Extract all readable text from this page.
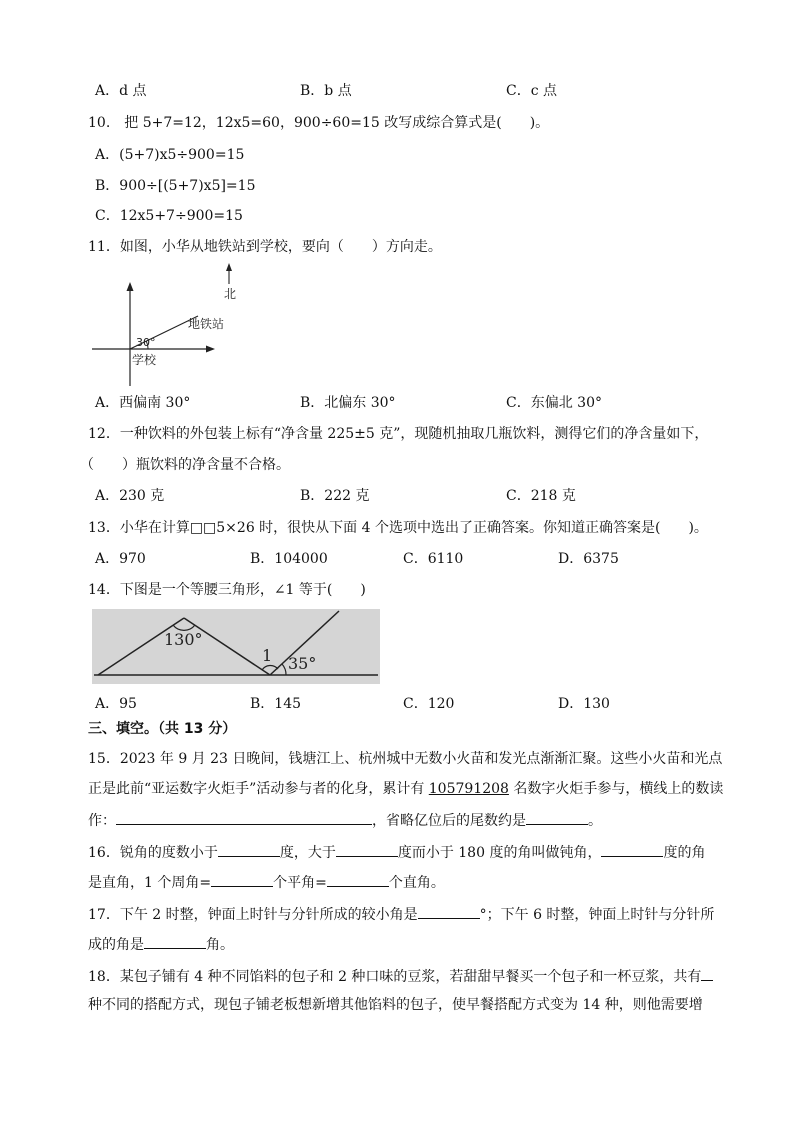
A．d 点	B．b 点	C．c 点
10.　把 5+7=12，12x5=60，900÷60=15 改写成综合算式是(　　)。
A．(5+7)x5÷900=15
B．900÷[(5+7)x5]=15
C．12x5+7÷900=15
11．如图，小华从地铁站到学校，要向（　　）方向走。
北
地铁站
30°
学校
A．西偏南 30°	B．北偏东 30°	C．东偏北 30°
12．一种饮料的外包装上标有“净含量 225±5 克”，现随机抽取几瓶饮料，测得它们的净含量如下，
（　　）瓶饮料的净含量不合格。
A．230 克	B．222 克	C．218 克
13．小华在计算□□5×26 时，很快从下面 4 个选项中选出了正确答案。你知道正确答案是(　　)。
A．970	B．104000	C．6110	D．6375
14．下图是一个等腰三角形，∠1 等于(　　)
130°
1 35°
A．95	B．145	C．120	D．130
三、填空。（共 13 分）
15．2023 年 9 月 23 日晚间，钱塘江上、杭州城中无数小火苗和发光点渐渐汇聚。这些小火苗和光点
正是此前“亚运数字火炬手”活动参与者的化身，累计有 105791208 名数字火炬手参与，横线上的数读
作：	，省略亿位后的尾数约是	。
16．锐角的度数小于	度，大于	度而小于 180 度的角叫做钝角，	度的角
是直角，1 个周角=	个平角=	个直角。
17．下午 2 时整，钟面上时针与分针所成的较小角是	°；下午 6 时整，钟面上时针与分针所
成的角是	角。
18．某包子铺有 4 种不同馅料的包子和 2 种口味的豆浆，若甜甜早餐买一个包子和一杯豆浆，共有
种不同的搭配方式，现包子铺老板想新增其他馅料的包子，使早餐搭配方式变为 14 种，则他需要增
